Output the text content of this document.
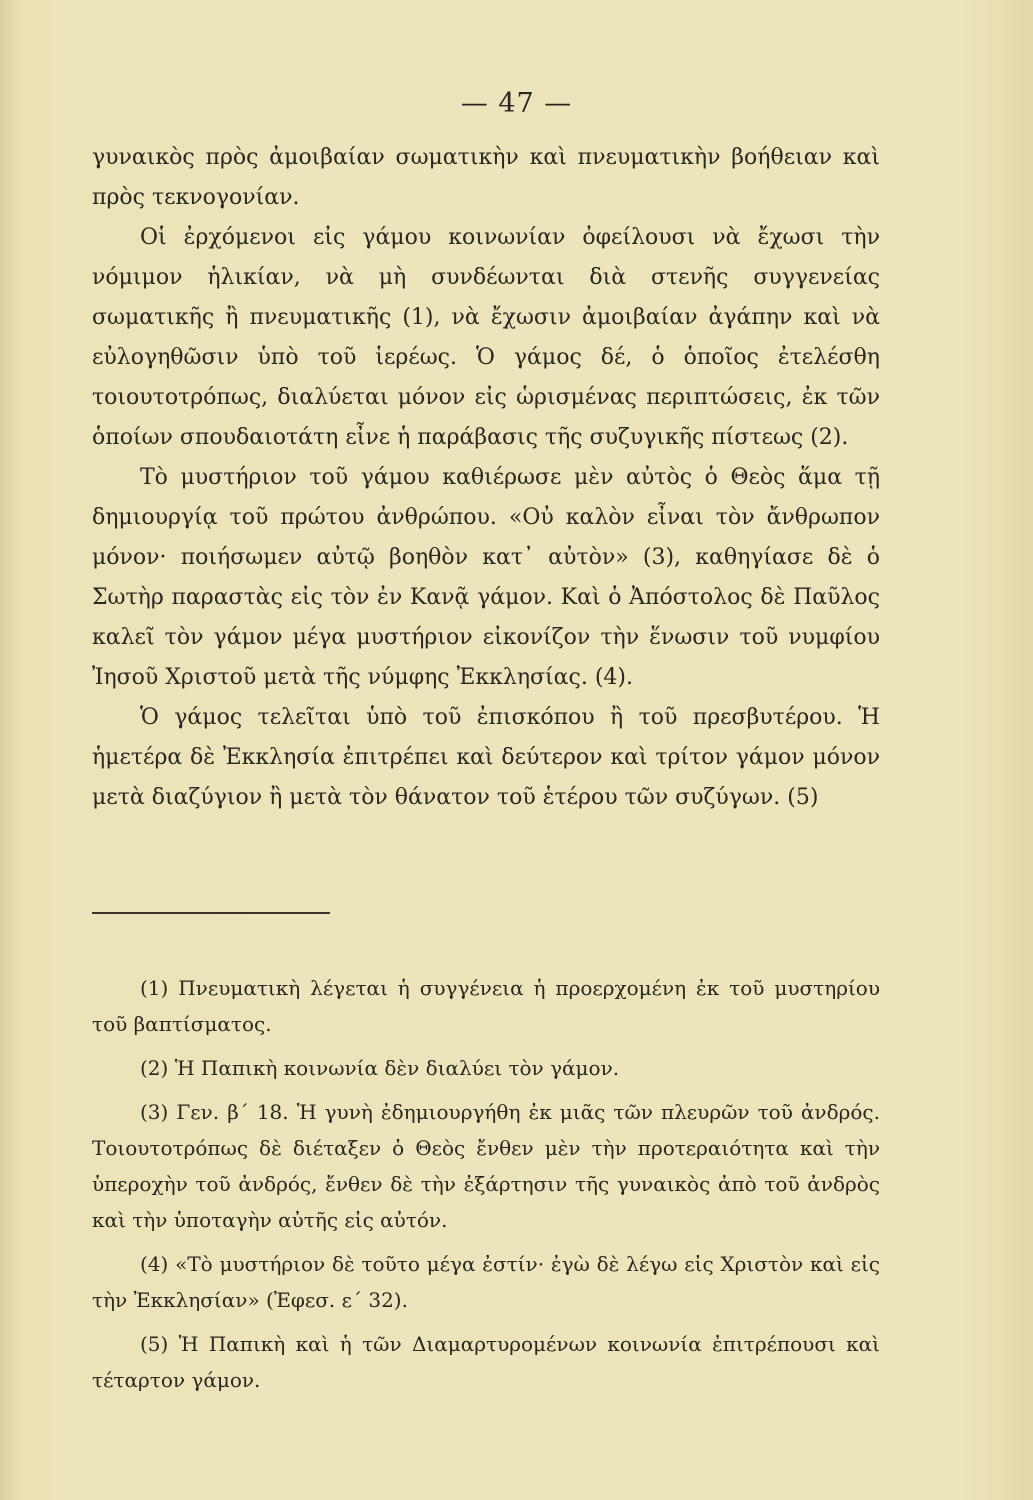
— 47 —

γυναικὸς πρὸς ἀμοιβαίαν σωματικὴν καὶ πνευματικὴν βοήθειαν καὶ πρὸς τεκνογονίαν.

Οἱ ἐρχόμενοι εἰς γάμου κοινωνίαν ὀφείλουσι νὰ ἔχωσι τὴν νόμιμον ἡλικίαν, νὰ μὴ συνδέωνται διὰ στενῆς συγγενείας σωματικῆς ἢ πνευματικῆς (1), νὰ ἔχωσιν ἀμοιβαίαν ἀγάπην καὶ νὰ εὐλογηθῶσιν ὑπὸ τοῦ ἱερέως. Ὁ γάμος δέ, ὁ ὁποῖος ἐτελέσθη τοιουτοτρόπως, διαλύεται μόνον εἰς ὡρισμένας περιπτώσεις, ἐκ τῶν ὁποίων σπουδαιοτάτη εἶνε ἡ παράβασις τῆς συζυγικῆς πίστεως (2).

Τὸ μυστήριον τοῦ γάμου καθιέρωσε μὲν αὐτὸς ὁ Θεὸς ἅμα τῇ δημιουργίᾳ τοῦ πρώτου ἀνθρώπου. «Οὐ καλὸν εἶναι τὸν ἄνθρωπον μόνον· ποιήσωμεν αὐτῷ βοηθὸν κατ᾽ αὐτὸν» (3), καθηγίασε δὲ ὁ Σωτὴρ παραστὰς εἰς τὸν ἐν Κανᾷ γάμον. Καὶ ὁ Ἀπόστολος δὲ Παῦλος καλεῖ τὸν γάμον μέγα μυστήριον εἰκονίζον τὴν ἕνωσιν τοῦ νυμφίου Ἰησοῦ Χριστοῦ μετὰ τῆς νύμφης Ἐκκλησίας. (4).

Ὁ γάμος τελεῖται ὑπὸ τοῦ ἐπισκόπου ἢ τοῦ πρεσβυτέρου. Ἡ ἡμετέρα δὲ Ἐκκλησία ἐπιτρέπει καὶ δεύτερον καὶ τρίτον γάμον μόνον μετὰ διαζύγιον ἢ μετὰ τὸν θάνατον τοῦ ἑτέρου τῶν συζύγων. (5)

(1) Πνευματικὴ λέγεται ἡ συγγένεια ἡ προερχομένη ἐκ τοῦ μυστηρίου τοῦ βαπτίσματος.

(2) Ἡ Παπικὴ κοινωνία δὲν διαλύει τὸν γάμον.

(3) Γεν. β΄ 18. Ἡ γυνὴ ἐδημιουργήθη ἐκ μιᾶς τῶν πλευρῶν τοῦ ἀνδρός. Τοιουτοτρόπως δὲ διέταξεν ὁ Θεὸς ἔνθεν μὲν τὴν προτεραιότητα καὶ τὴν ὑπεροχὴν τοῦ ἀνδρός, ἔνθεν δὲ τὴν ἐξάρτησιν τῆς γυναικὸς ἀπὸ τοῦ ἀνδρὸς καὶ τὴν ὑποταγὴν αὐτῆς εἰς αὐτόν.

(4) «Τὸ μυστήριον δὲ τοῦτο μέγα ἐστίν· ἐγὼ δὲ λέγω εἰς Χριστὸν καὶ εἰς τὴν Ἐκκλησίαν» (Ἐφεσ. ε΄ 32).

(5) Ἡ Παπικὴ καὶ ἡ τῶν Διαμαρτυρομένων κοινωνία ἐπιτρέπουσι καὶ τέταρτον γάμον.
